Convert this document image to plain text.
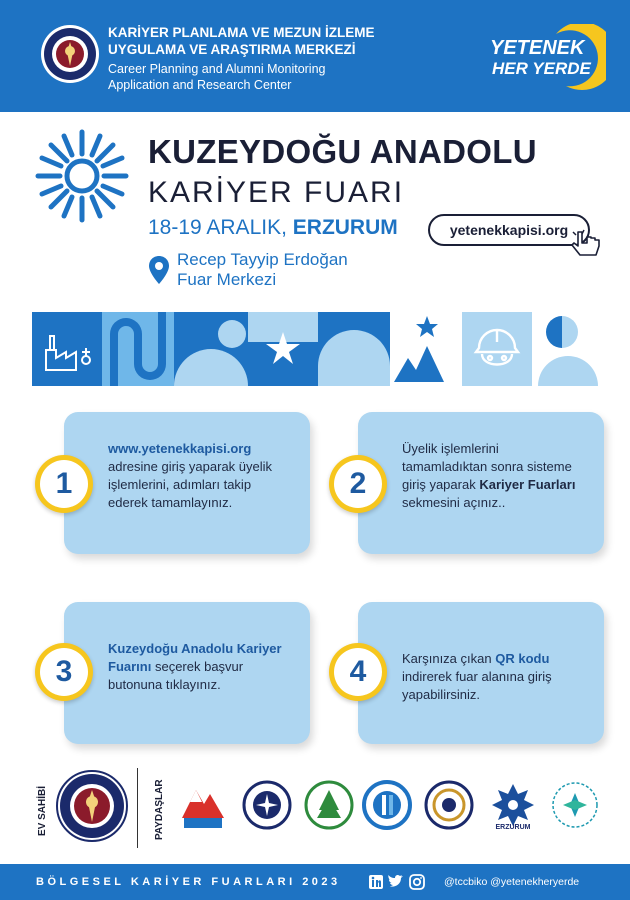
KARİYER PLANLAMA VE MEZUN İZLEME
UYGULAMA VE ARAŞTIRMA MERKEZİ
Career Planning and Alumni Monitoring
Application and Research Center
YETENEK
HER YERDE
KUZEYDOĞU ANADOLU
KARİYER FUARI
18-19 ARALIK, ERZURUM	yetenekkapisi.org
Recep Tayyip Erdoğan
Fuar Merkezi
www.yetenekkapisi.org adresine giriş yaparak üyelik işlemlerini, adımları takip ederek tamamlayınız.
1
Üyelik işlemlerini tamamladıktan sonra sisteme giriş yaparak Kariyer Fuarları sekmesini açınız..
2
Kuzeydoğu Anadolu Kariyer Fuarını seçerek başvur butonuna tıklayınız.
3	Karşınıza çıkan QR kodu indirerek fuar alanına giriş yapabilirsiniz.
4
EV SAHİBİ	PAYDAŞLAR	ERZURUM
BÖLGESEL KARİYER FUARLARI 2023	@tccbiko @yetenekheryerde
